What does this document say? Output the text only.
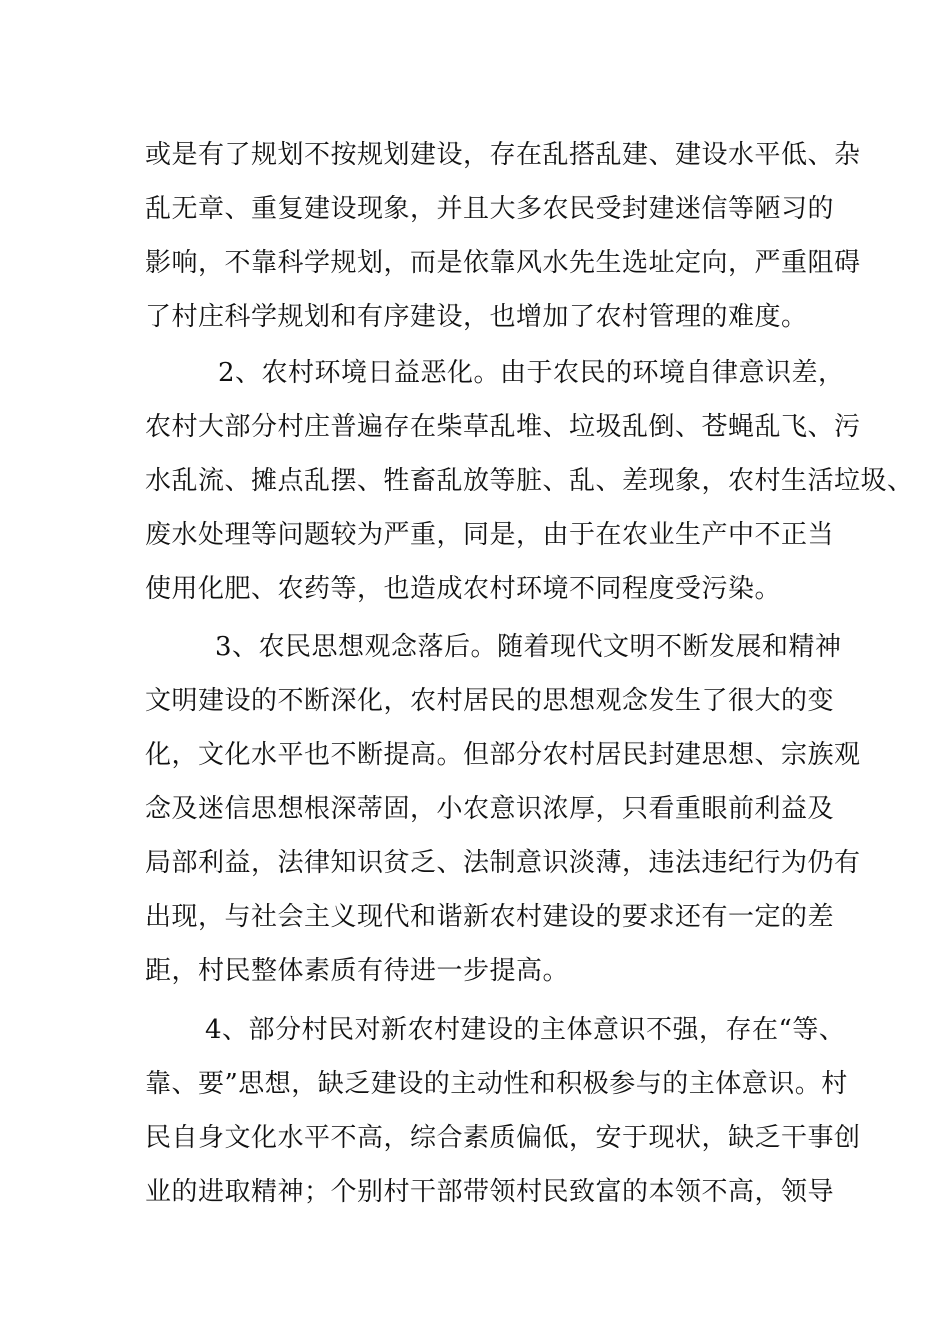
或是有了规划不按规划建设，存在乱搭乱建、建设水平低、杂
乱无章、重复建设现象，并且大多农民受封建迷信等陋习的
影响，不靠科学规划，而是依靠风水先生选址定向，严重阻碍
了村庄科学规划和有序建设，也增加了农村管理的难度。
2、农村环境日益恶化。由于农民的环境自律意识差，
农村大部分村庄普遍存在柴草乱堆、垃圾乱倒、苍蝇乱飞、污
水乱流、摊点乱摆、牲畜乱放等脏、乱、差现象，农村生活垃圾、
废水处理等问题较为严重，同是，由于在农业生产中不正当
使用化肥、农药等，也造成农村环境不同程度受污染。
3、农民思想观念落后。随着现代文明不断发展和精神
文明建设的不断深化，农村居民的思想观念发生了很大的变
化，文化水平也不断提高。但部分农村居民封建思想、宗族观
念及迷信思想根深蒂固，小农意识浓厚，只看重眼前利益及
局部利益，法律知识贫乏、法制意识淡薄，违法违纪行为仍有
出现，与社会主义现代和谐新农村建设的要求还有一定的差
距，村民整体素质有待进一步提高。
4、部分村民对新农村建设的主体意识不强，存在“等、
靠、要”思想，缺乏建设的主动性和积极参与的主体意识。村
民自身文化水平不高，综合素质偏低，安于现状，缺乏干事创
业的进取精神；个别村干部带领村民致富的本领不高，领导
